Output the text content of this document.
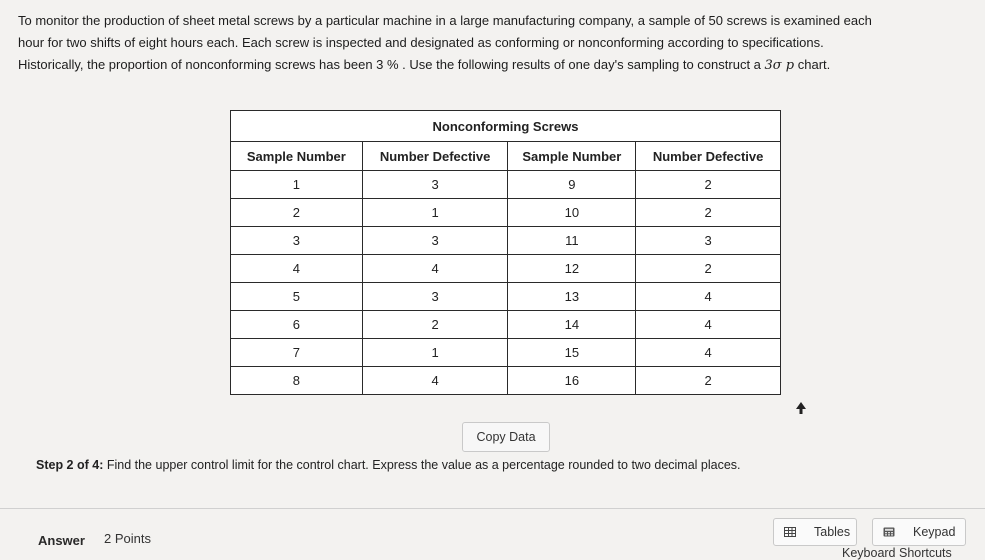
To monitor the production of sheet metal screws by a particular machine in a large manufacturing company, a sample of 50 screws is examined each

hour for two shifts of eight hours each. Each screw is inspected and designated as conforming or nonconforming according to specifications.

Historically, the proportion of nonconforming screws has been 3 % . Use the following results of one day's sampling to construct a 3σ p chart.

Nonconforming Screws			
Sample Number	Number Defective	Sample Number	Number Defective
1	3	9	2
2	1	10	2
3	3	11	3
4	4	12	2
5	3	13	4
6	2	14	4
7	1	15	4
8	4	16	2
Copy Data
Step 2 of 4: Find the upper control limit for the control chart. Express the value as a percentage rounded to two decimal places.
Answer 2 Points	Tables	Keypad
Keyboard Shortcuts
